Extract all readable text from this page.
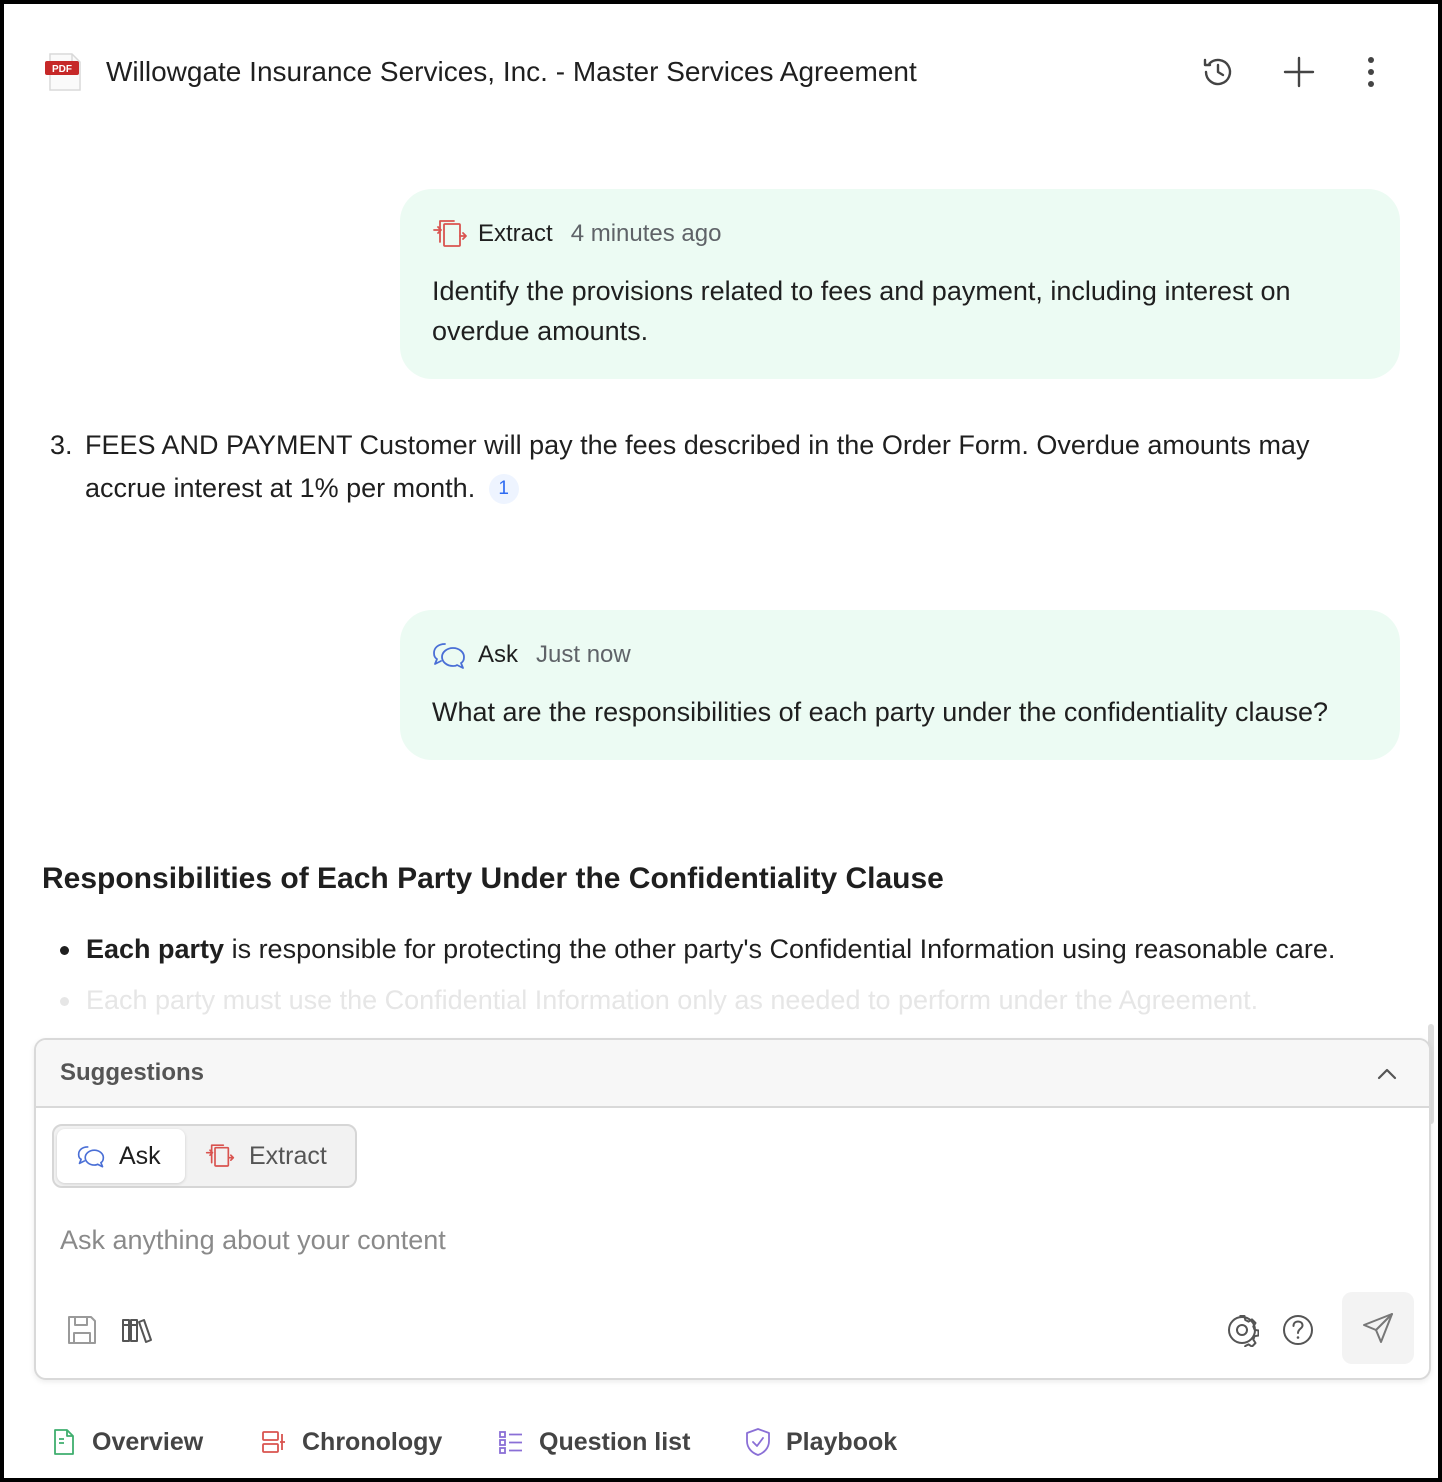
PDF Willowgate Insurance Services, Inc. - Master Services Agreement
Extract 4 minutes ago
Identify the provisions related to fees and payment, including interest on overdue amounts.
3. FEES AND PAYMENT Customer will pay the fees described in the Order Form. Overdue amounts may accrue interest at 1% per month. 1
Ask Just now
What are the responsibilities of each party under the confidentiality clause?
Responsibilities of Each Party Under the Confidentiality Clause
Each party is responsible for protecting the other party's Confidential Information using reasonable care.
Each party must use the Confidential Information only as needed to perform under the Agreement.
Suggestions
Ask	Extract
Ask anything about your content
Overview	Chronology	Question list	Playbook
